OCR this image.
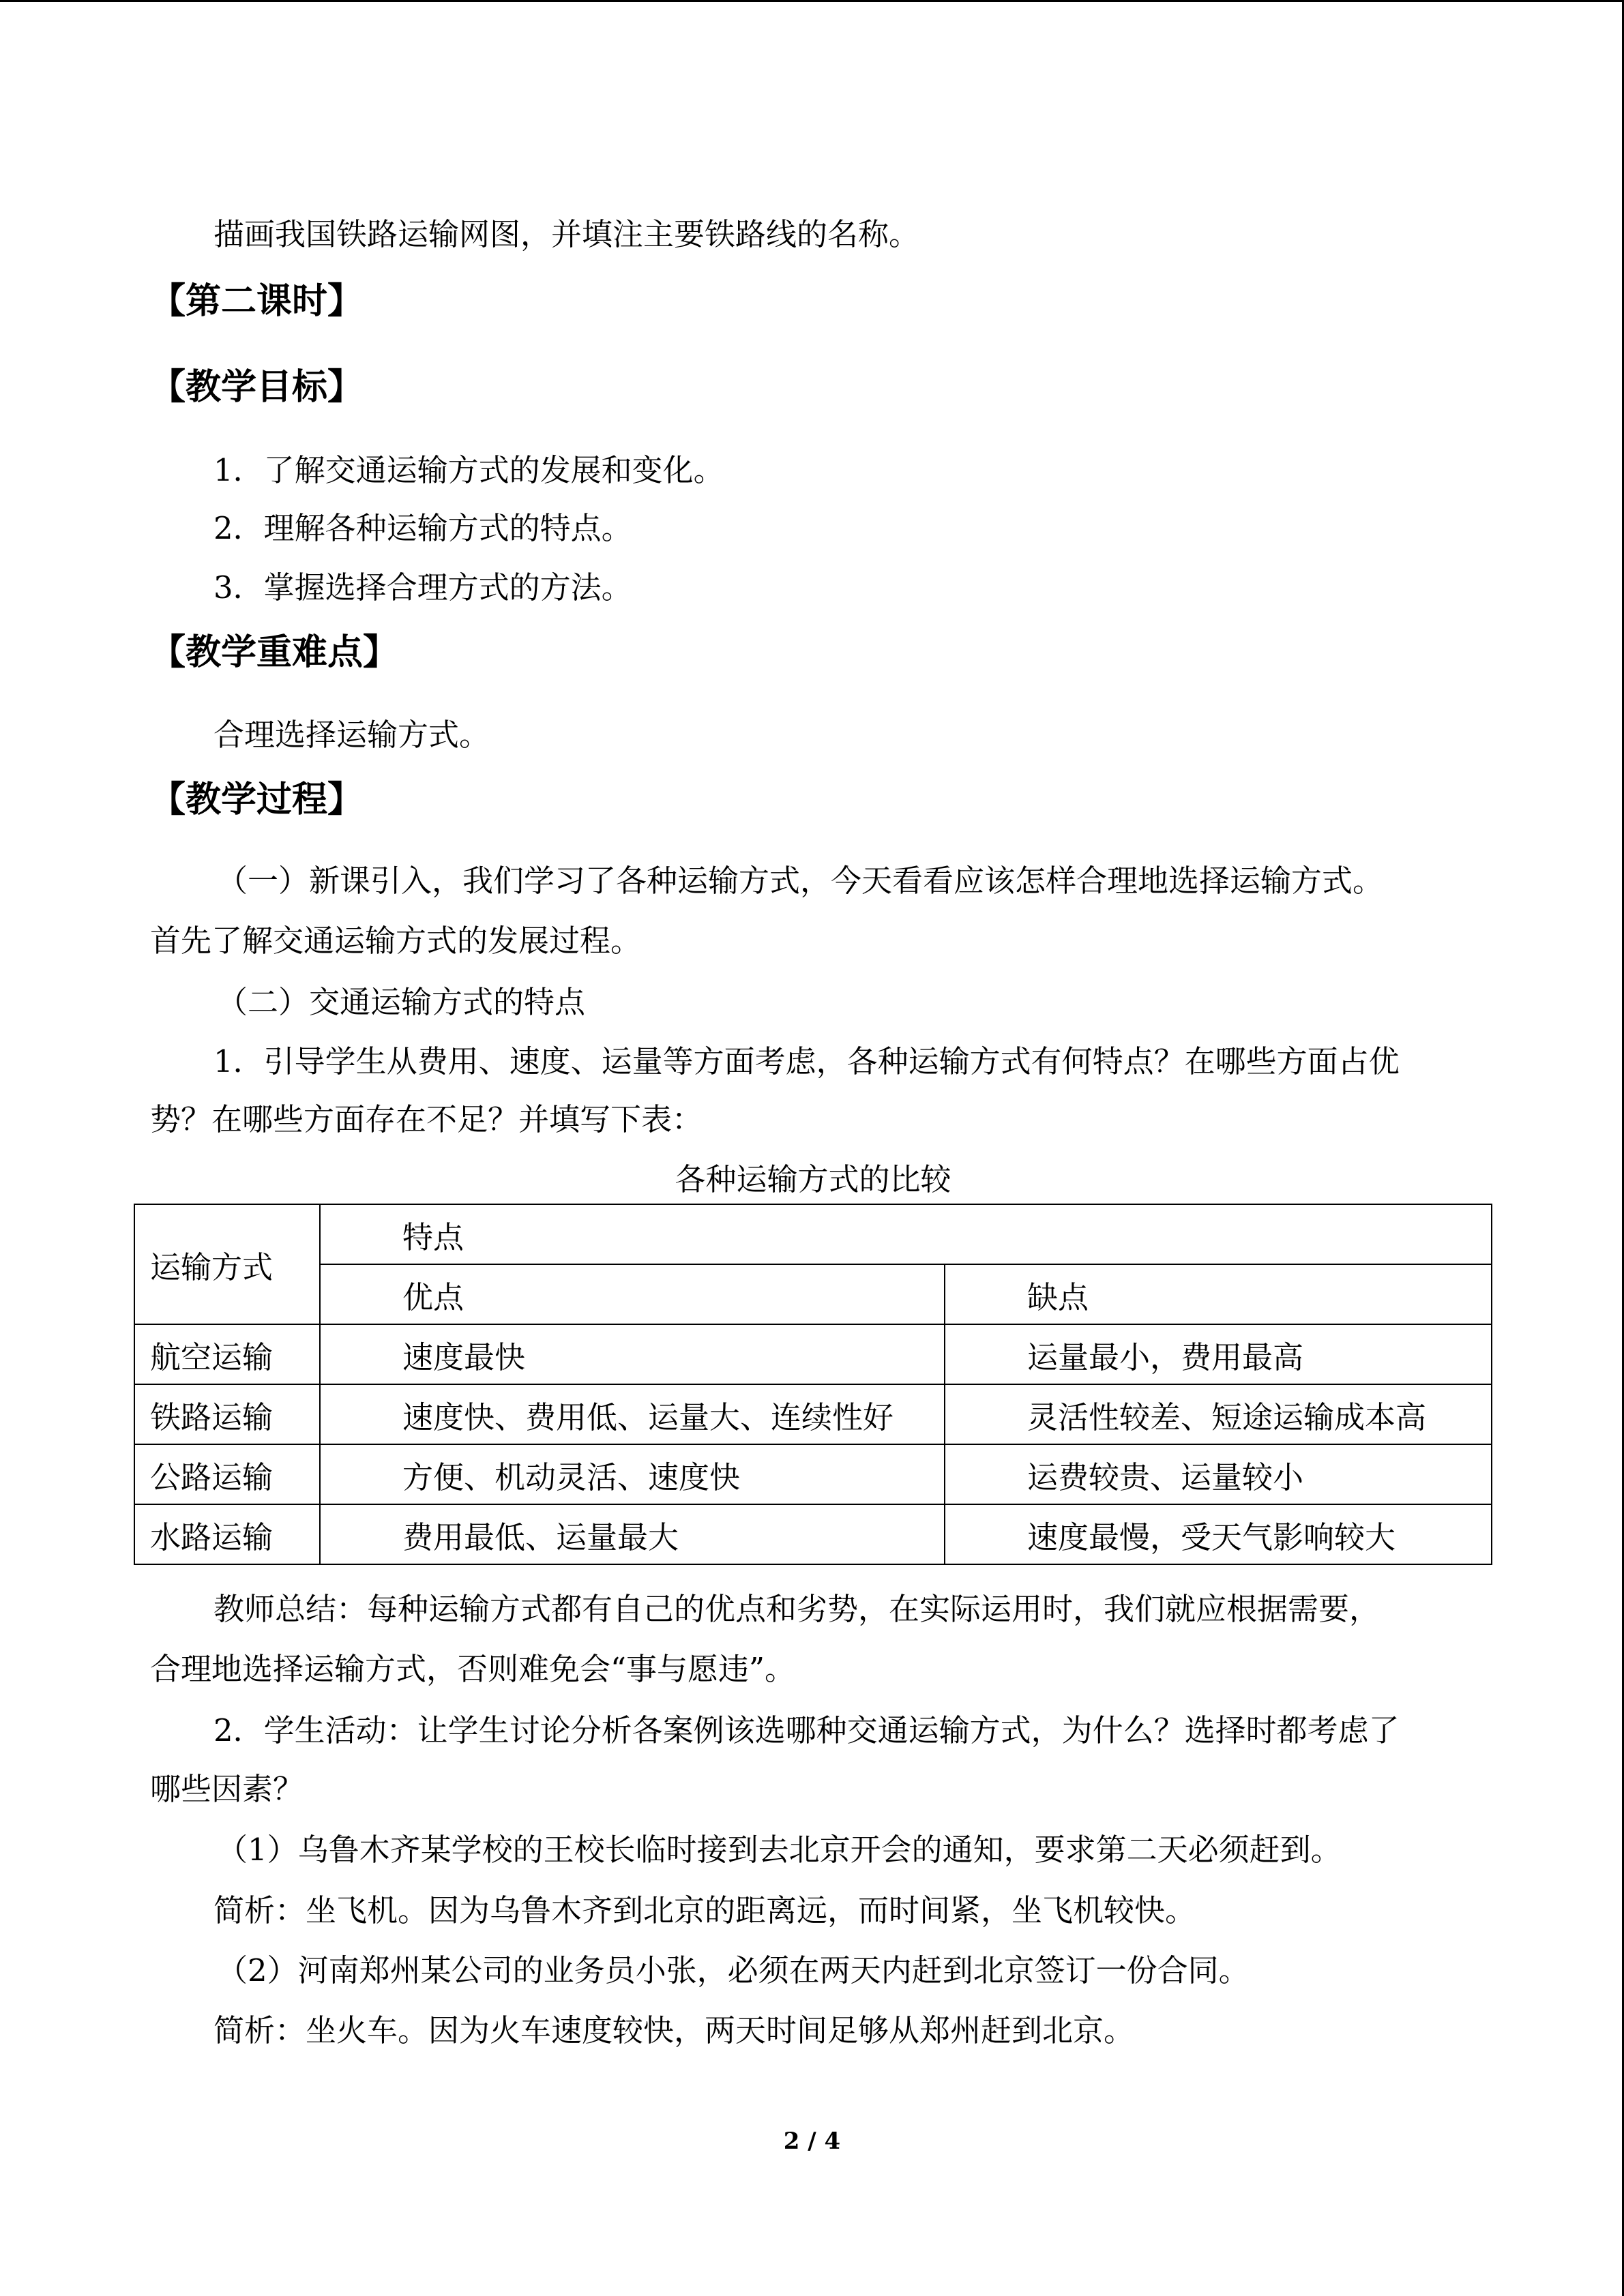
描画我国铁路运输网图，并填注主要铁路线的名称。
【第二课时】
【教学目标】
1．了解交通运输方式的发展和变化。
2．理解各种运输方式的特点。
3．掌握选择合理方式的方法。
【教学重难点】
合理选择运输方式。
【教学过程】
（一）新课引入，我们学习了各种运输方式，今天看看应该怎样合理地选择运输方式。
首先了解交通运输方式的发展过程。
（二）交通运输方式的特点
1．引导学生从费用、速度、运量等方面考虑，各种运输方式有何特点？在哪些方面占优
势？在哪些方面存在不足？并填写下表：
各种运输方式的比较
运输方式	特点	
	优点	缺点
航空运输	速度最快	运量最小，费用最高
铁路运输	速度快、费用低、运量大、连续性好	灵活性较差、短途运输成本高
公路运输	方便、机动灵活、速度快	运费较贵、运量较小
水路运输	费用最低、运量最大	速度最慢，受天气影响较大
教师总结：每种运输方式都有自己的优点和劣势，在实际运用时，我们就应根据需要，
合理地选择运输方式，否则难免会“事与愿违”。
2．学生活动：让学生讨论分析各案例该选哪种交通运输方式，为什么？选择时都考虑了
哪些因素？
（1）乌鲁木齐某学校的王校长临时接到去北京开会的通知，要求第二天必须赶到。
简析：坐飞机。因为乌鲁木齐到北京的距离远，而时间紧，坐飞机较快。
（2）河南郑州某公司的业务员小张，必须在两天内赶到北京签订一份合同。
简析：坐火车。因为火车速度较快，两天时间足够从郑州赶到北京。
2 / 4
